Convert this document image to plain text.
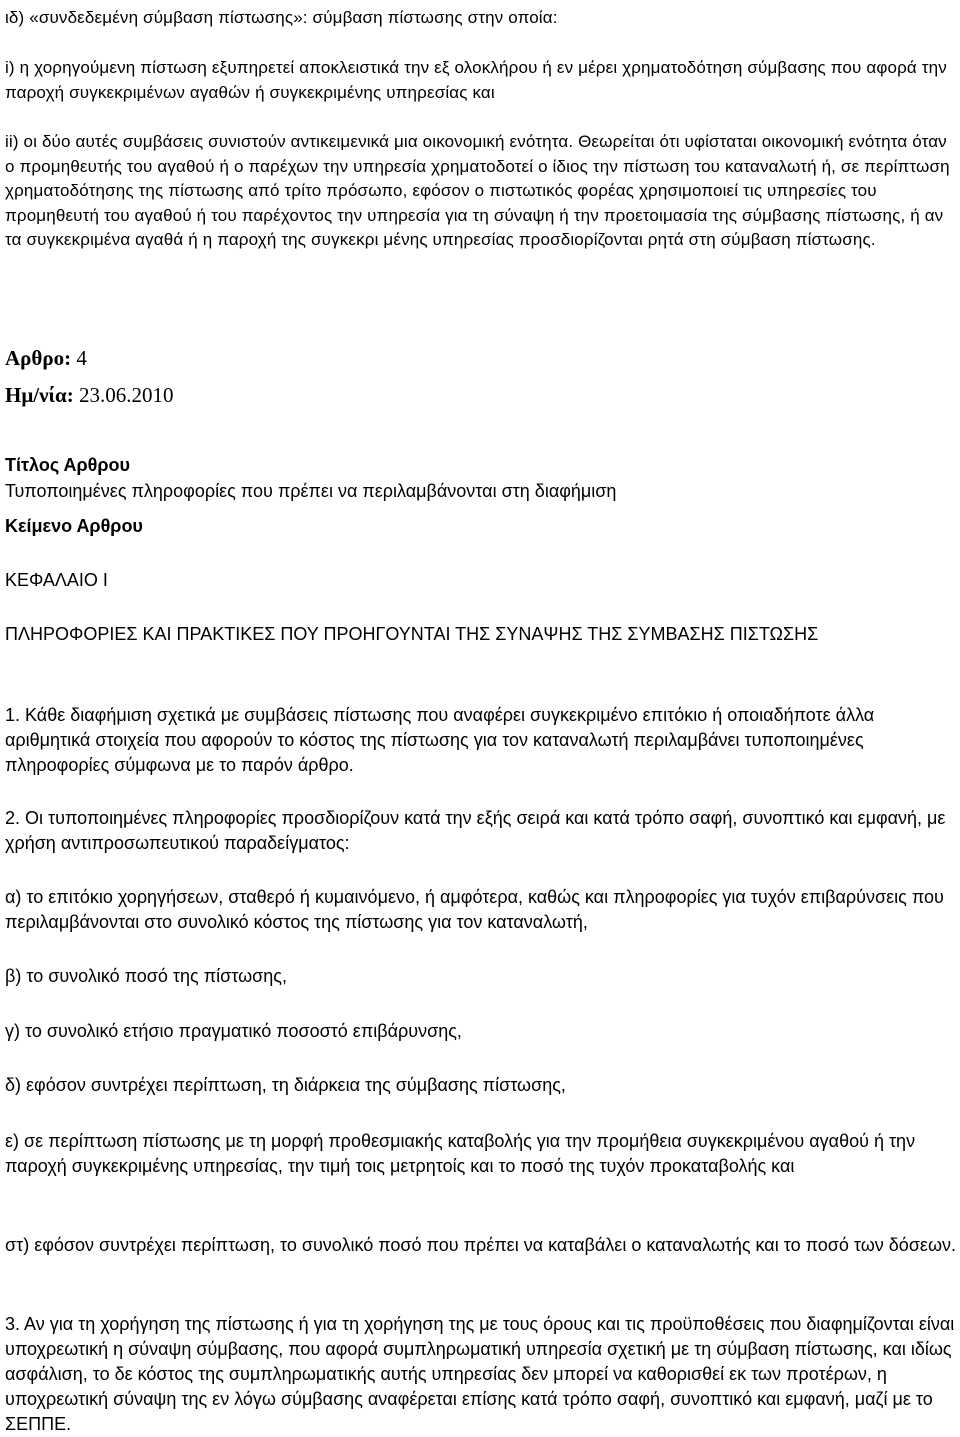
ιδ) «συνδεδεμένη σύμβαση πίστωσης»: σύμβαση πίστωσης στην οποία:

i) η χορηγούμενη πίστωση εξυπηρετεί αποκλειστικά την εξ ολοκλήρου ή εν μέρει χρηματοδότηση σύμβασης που αφορά την παροχή συγκεκριμένων αγαθών ή συγκεκριμένης υπηρεσίας και

ii) οι δύο αυτές συμβάσεις συνιστούν αντικειμενικά μια οικονομική ενότητα. Θεωρείται ότι υφίσταται οικονομική ενότητα όταν ο προμηθευτής του αγαθού ή ο παρέχων την υπηρεσία χρηματοδοτεί ο ίδιος την πίστωση του καταναλωτή ή, σε περίπτωση χρηματοδότησης της πίστωσης από τρίτο πρόσωπο, εφόσον ο πιστωτικός φορέας χρησιμοποιεί τις υπηρεσίες του προμηθευτή του αγαθού ή του παρέχοντος την υπηρεσία για τη σύναψη ή την προετοιμασία της σύμβασης πίστωσης, ή αν τα συγκεκριμένα αγαθά ή η παροχή της συγκεκρι μένης υπηρεσίας προσδιορίζονται ρητά στη σύμβαση πίστωσης.

Αρθρο: 4
Ημ/νία: 23.06.2010

Τίτλος Αρθρου

Τυποποιημένες πληροφορίες που πρέπει να περιλαμβάνονται στη διαφήμιση

Κείμενο Αρθρου

ΚΕΦΑΛΑΙΟ Ι

ΠΛΗΡΟΦΟΡΙΕΣ ΚΑΙ ΠΡΑΚΤΙΚΕΣ ΠΟΥ ΠΡΟΗΓΟΥΝΤΑΙ ΤΗΣ ΣΥΝΑΨΗΣ ΤΗΣ ΣΥΜΒΑΣΗΣ ΠΙΣΤΩΣΗΣ

1. Κάθε διαφήμιση σχετικά με συμβάσεις πίστωσης που αναφέρει συγκεκριμένο επιτόκιο ή οποιαδήποτε άλλα αριθμητικά στοιχεία που αφορούν το κόστος της πίστωσης για τον καταναλωτή περιλαμβάνει τυποποιημένες πληροφορίες σύμφωνα με το παρόν άρθρο.

2. Οι τυποποιημένες πληροφορίες προσδιορίζουν κατά την εξής σειρά και κατά τρόπο σαφή, συνοπτικό και εμφανή, με χρήση αντιπροσωπευτικού παραδείγματος:

α) το επιτόκιο χορηγήσεων, σταθερό ή κυμαινόμενο, ή αμφότερα, καθώς και πληροφορίες για τυχόν επιβαρύνσεις που περιλαμβάνονται στο συνολικό κόστος της πίστωσης για τον καταναλωτή,

β) το συνολικό ποσό της πίστωσης,

γ) το συνολικό ετήσιο πραγματικό ποσοστό επιβάρυνσης,

δ) εφόσον συντρέχει περίπτωση, τη διάρκεια της σύμβασης πίστωσης,

ε) σε περίπτωση πίστωσης με τη μορφή προθεσμιακής καταβολής για την προμήθεια συγκεκριμένου αγαθού ή την παροχή συγκεκριμένης υπηρεσίας, την τιμή τοις μετρητοίς και το ποσό της τυχόν προκαταβολής και

στ) εφόσον συντρέχει περίπτωση, το συνολικό ποσό που πρέπει να καταβάλει ο καταναλωτής και το ποσό των δόσεων.

3. Αν για τη χορήγηση της πίστωσης ή για τη χορήγηση της με τους όρους και τις προϋποθέσεις που διαφημίζονται είναι υποχρεωτική η σύναψη σύμβασης, που αφορά συμπληρωματική υπηρεσία σχετική με τη σύμβαση πίστωσης, και ιδίως ασφάλιση, το δε κόστος της συμπληρωματικής αυτής υπηρεσίας δεν μπορεί να καθορισθεί εκ των προτέρων, η υποχρεωτική σύναψη της εν λόγω σύμβασης αναφέρεται επίσης κατά τρόπο σαφή, συνοπτικό και εμφανή, μαζί με το ΣΕΠΠΕ.
